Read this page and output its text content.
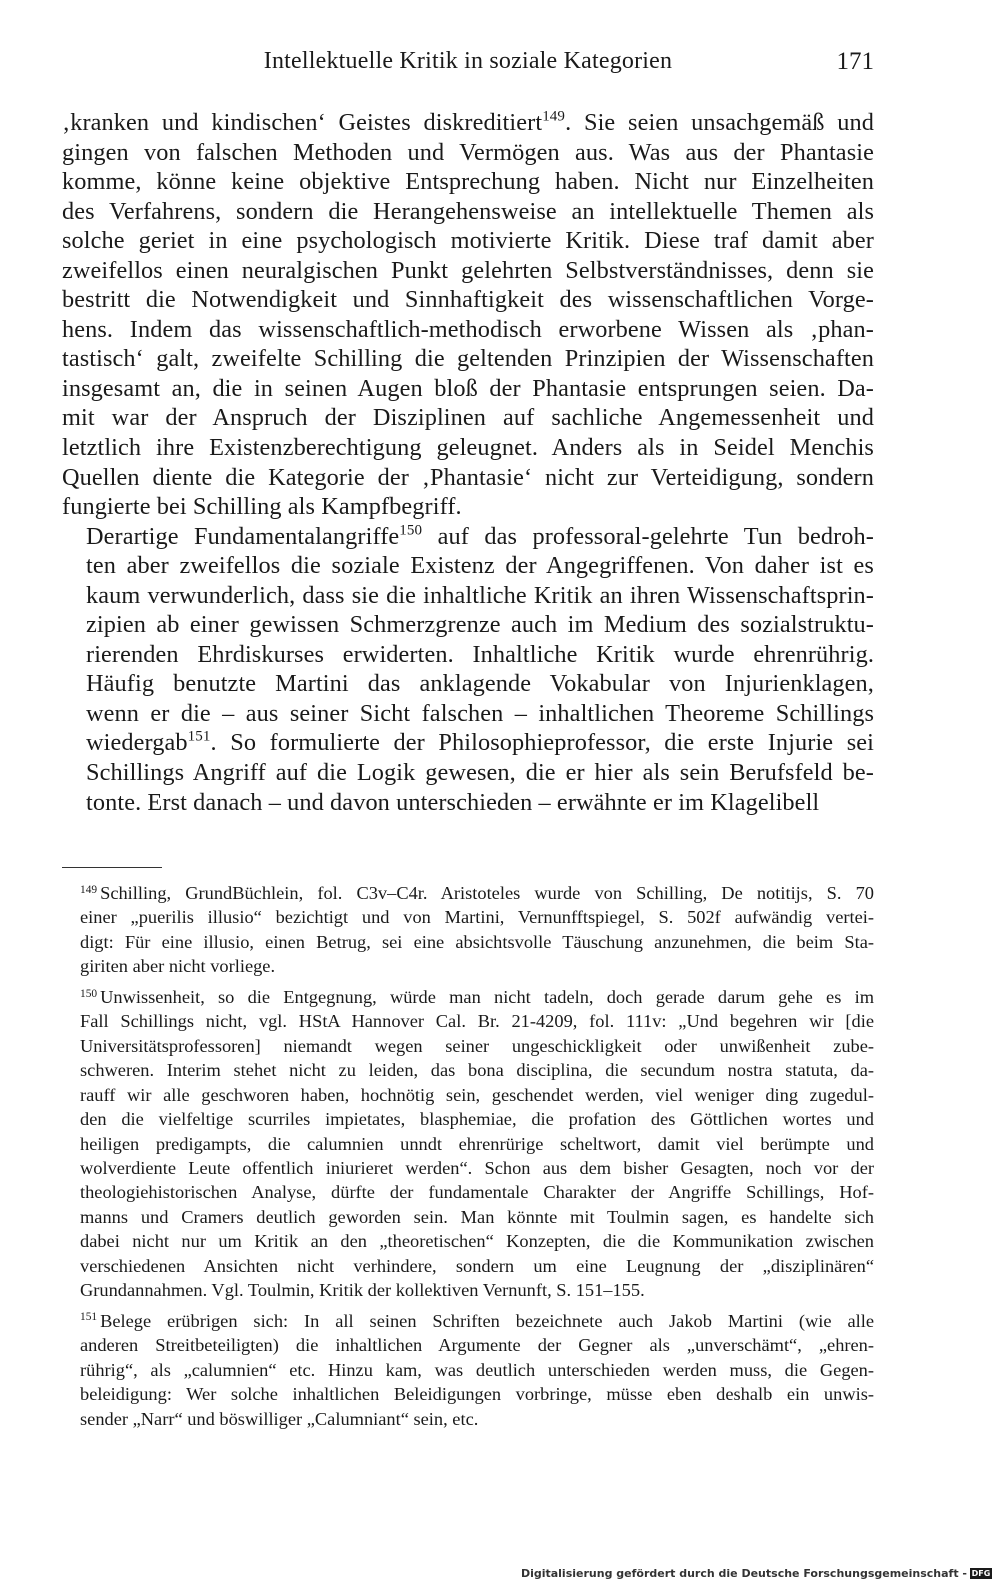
Intellektuelle Kritik in soziale Kategorien	171

‚kranken und kindischen‘ Geistes diskreditiert$^{149}$. Sie seien unsachgemäß und
gingen von falschen Methoden und Vermögen aus. Was aus der Phantasie
komme, könne keine objektive Entsprechung haben. Nicht nur Einzelheiten
des Verfahrens, sondern die Herangehensweise an intellektuelle Themen als
solche geriet in eine psychologisch motivierte Kritik. Diese traf damit aber
zweifellos einen neuralgischen Punkt gelehrten Selbstverständnisses, denn sie
bestritt die Notwendigkeit und Sinnhaftigkeit des wissenschaftlichen Vorge-
hens. Indem das wissenschaftlich-methodisch erworbene Wissen als ‚phan-
tastisch‘ galt, zweifelte Schilling die geltenden Prinzipien der Wissenschaften
insgesamt an, die in seinen Augen bloß der Phantasie entsprungen seien. Da-
mit war der Anspruch der Disziplinen auf sachliche Angemessenheit und
letztlich ihre Existenzberechtigung geleugnet. Anders als in Seidel Menchis
Quellen diente die Kategorie der ‚Phantasie‘ nicht zur Verteidigung, sondern
fungierte bei Schilling als Kampfbegriff.

Derartige Fundamentalangriffe$^{150}$ auf das professoral-gelehrte Tun bedroh-
ten aber zweifellos die soziale Existenz der Angegriffenen. Von daher ist es
kaum verwunderlich, dass sie die inhaltliche Kritik an ihren Wissenschaftsprin-
zipien ab einer gewissen Schmerzgrenze auch im Medium des sozialstruktu-
rierenden Ehrdiskurses erwiderten. Inhaltliche Kritik wurde ehrenrührig.
Häufig benutzte Martini das anklagende Vokabular von Injurienklagen,
wenn er die – aus seiner Sicht falschen – inhaltlichen Theoreme Schillings
wiedergab$^{151}$. So formulierte der Philosophieprofessor, die erste Injurie sei
Schillings Angriff auf die Logik gewesen, die er hier als sein Berufsfeld be-
tonte. Erst danach – und davon unterschieden – erwähnte er im Klagelibell

$^{149}$ Schilling, GrundBüchlein, fol. C3v–C4r. Aristoteles wurde von Schilling, De notitijs, S. 70
einer „puerilis illusio“ bezichtigt und von Martini, Vernunfftspiegel, S. 502f aufwändig vertei-
digt: Für eine illusio, einen Betrug, sei eine absichtsvolle Täuschung anzunehmen, die beim Sta-
giriten aber nicht vorliege.

$^{150}$ Unwissenheit, so die Entgegnung, würde man nicht tadeln, doch gerade darum gehe es im
Fall Schillings nicht, vgl. HStA Hannover Cal. Br. 21-4209, fol. 111v: „Und begehren wir [die
Universitätsprofessoren] niemandt wegen seiner ungeschickligkeit oder unwißenheit zube-
schweren. Interim stehet nicht zu leiden, das bona disciplina, die secundum nostra statuta, da-
rauff wir alle geschworen haben, hochnötig sein, geschendet werden, viel weniger ding zugedul-
den die vielfeltige scurriles impietates, blasphemiae, die profation des Göttlichen wortes und
heiligen predigampts, die calumnien unndt ehrenrürige scheltwort, damit viel berümpte und
wolverdiente Leute offentlich iniurieret werden“. Schon aus dem bisher Gesagten, noch vor der
theologiehistorischen Analyse, dürfte der fundamentale Charakter der Angriffe Schillings, Hof-
manns und Cramers deutlich geworden sein. Man könnte mit Toulmin sagen, es handelte sich
dabei nicht nur um Kritik an den „theoretischen“ Konzepten, die die Kommunikation zwischen
verschiedenen Ansichten nicht verhindere, sondern um eine Leugnung der „disziplinären“
Grundannahmen. Vgl. Toulmin, Kritik der kollektiven Vernunft, S. 151–155.

$^{151}$ Belege erübrigen sich: In all seinen Schriften bezeichnete auch Jakob Martini (wie alle
anderen Streitbeteiligten) die inhaltlichen Argumente der Gegner als „unverschämt“, „ehren-
rührig“, als „calumnien“ etc. Hinzu kam, was deutlich unterschieden werden muss, die Gegen-
beleidigung: Wer solche inhaltlichen Beleidigungen vorbringe, müsse eben deshalb ein unwis-
sender „Narr“ und böswilliger „Calumniant“ sein, etc.

Digitalisierung gefördert durch die Deutsche Forschungsgemeinschaft - DFG
